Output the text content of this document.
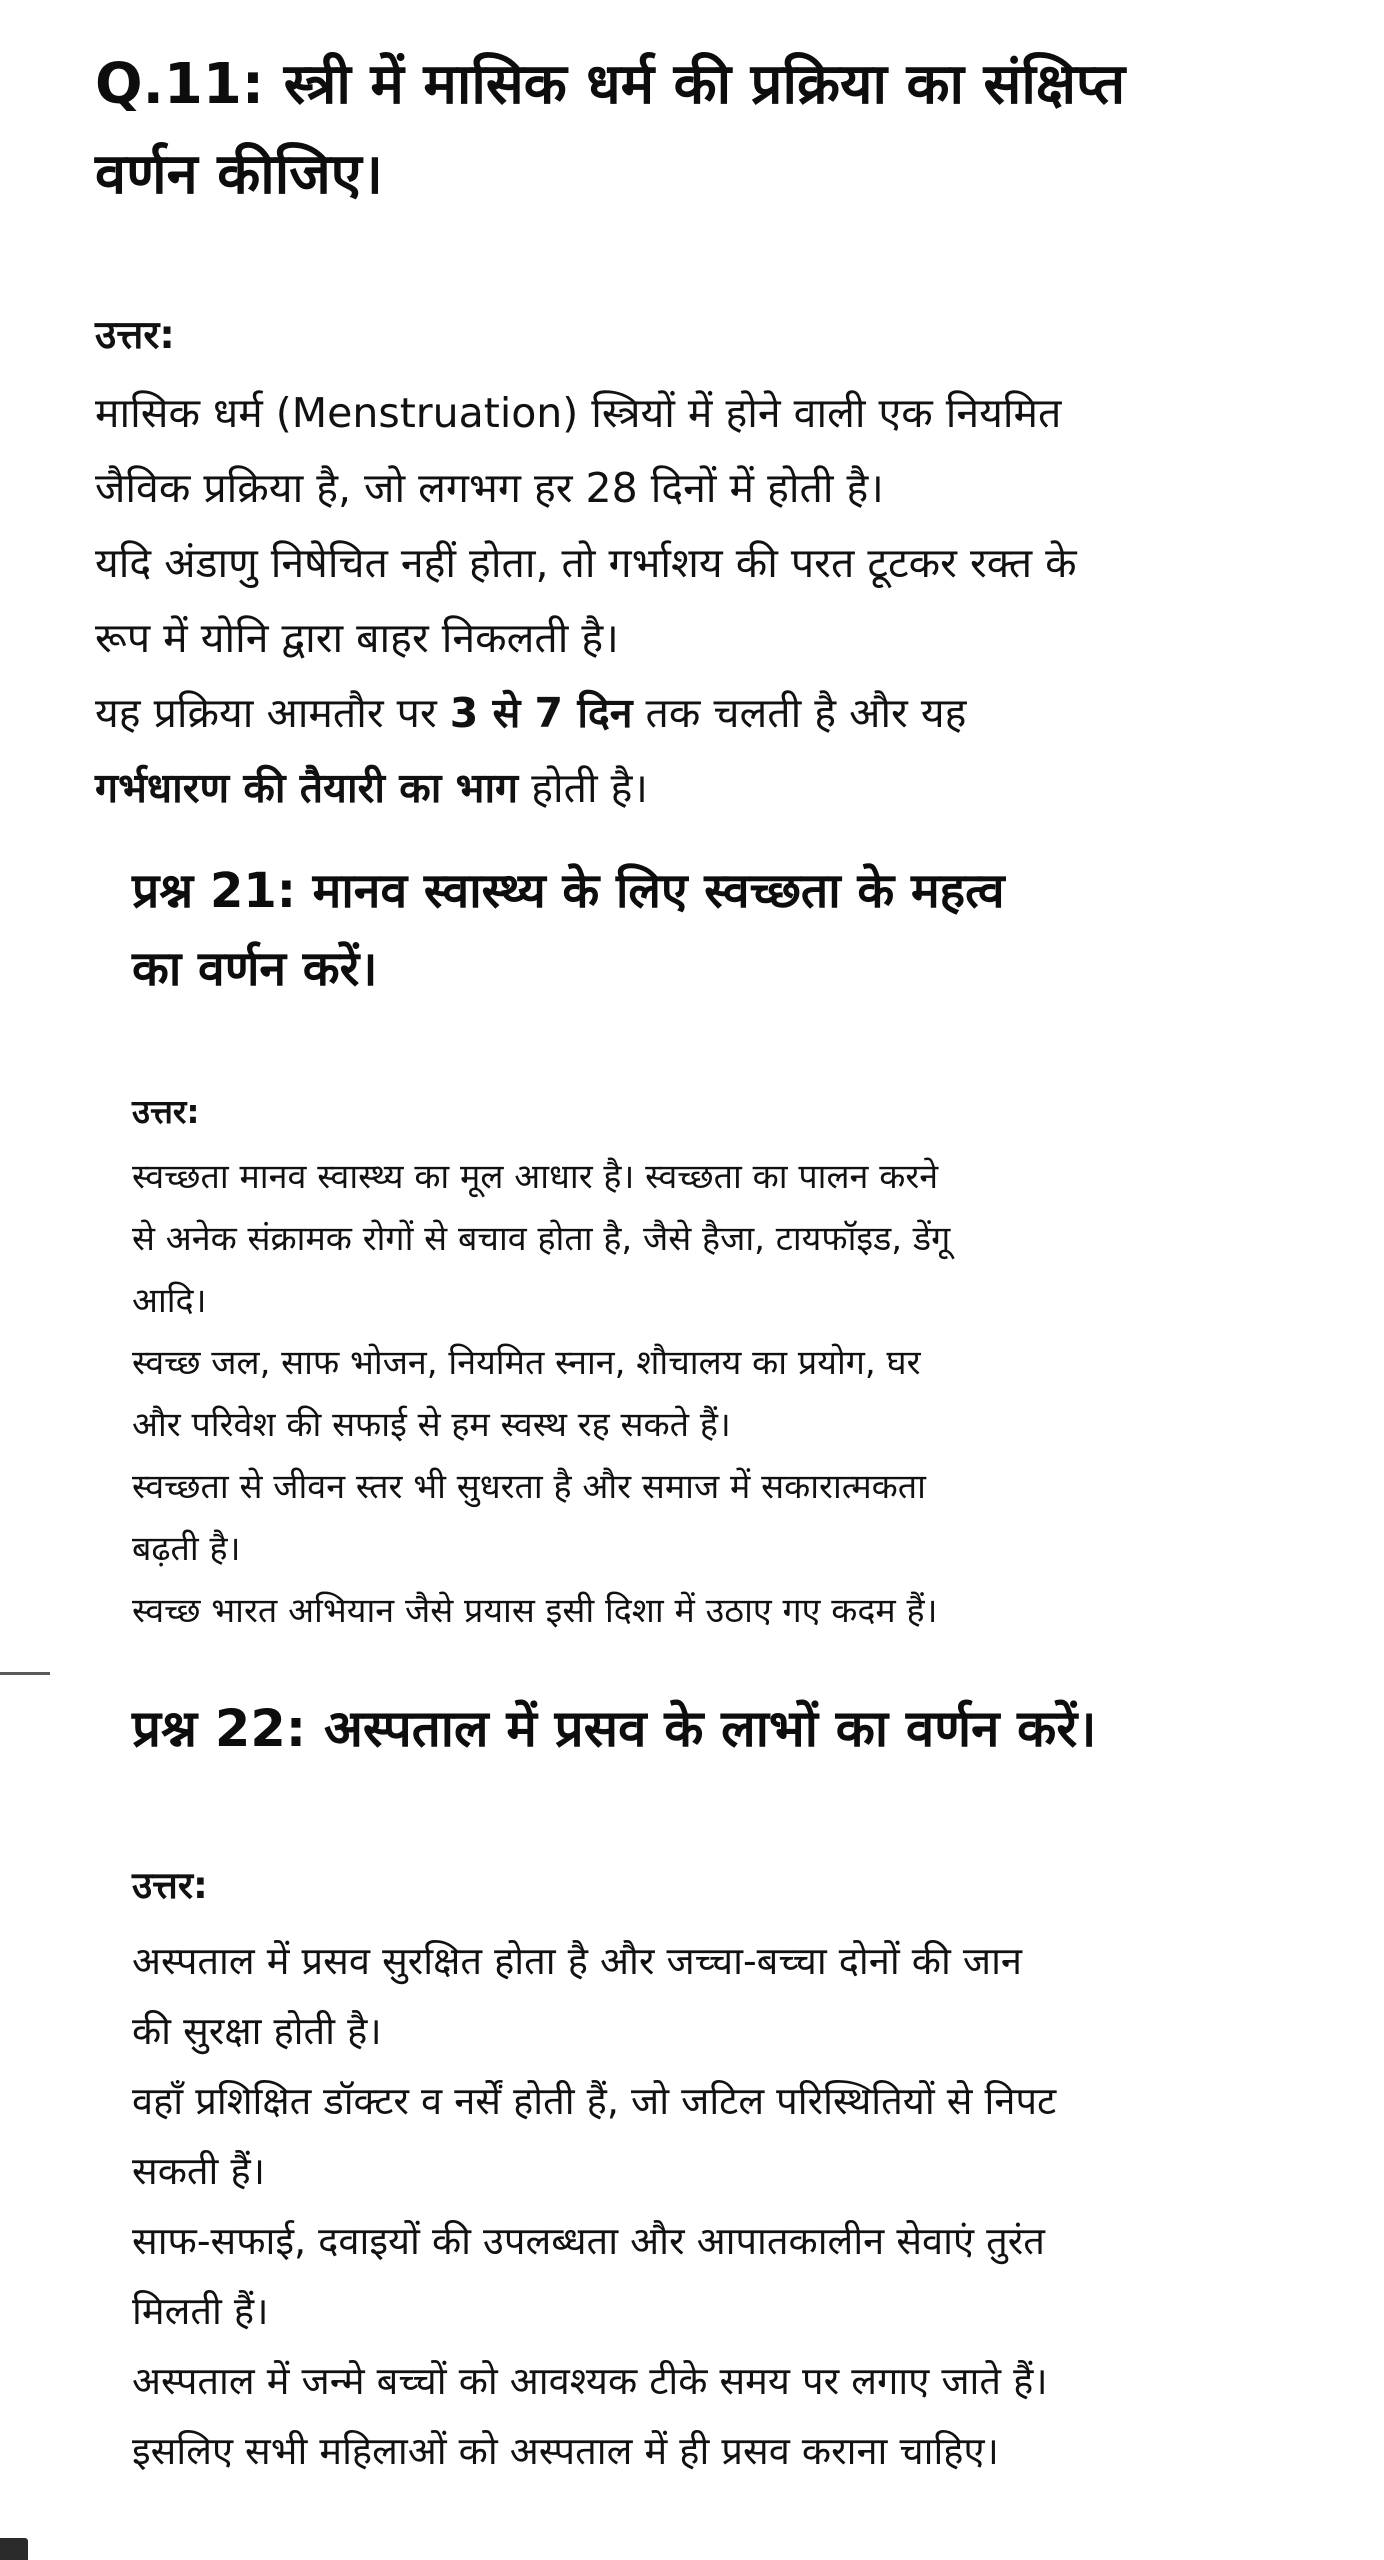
Q.11: स्त्री में मासिक धर्म की प्रक्रिया का संक्षिप्त
वर्णन कीजिए।
उत्तर:
मासिक धर्म (Menstruation) स्त्रियों में होने वाली एक नियमित
जैविक प्रक्रिया है, जो लगभग हर 28 दिनों में होती है।
यदि अंडाणु निषेचित नहीं होता, तो गर्भाशय की परत टूटकर रक्त के
रूप में योनि द्वारा बाहर निकलती है।
यह प्रक्रिया आमतौर पर 3 से 7 दिन तक चलती है और यह
गर्भधारण की तैयारी का भाग होती है।
प्रश्न 21: मानव स्वास्थ्य के लिए स्वच्छता के महत्व
का वर्णन करें।
उत्तर:
स्वच्छता मानव स्वास्थ्य का मूल आधार है। स्वच्छता का पालन करने
से अनेक संक्रामक रोगों से बचाव होता है, जैसे हैजा, टायफॉइड, डेंगू
आदि।
स्वच्छ जल, साफ भोजन, नियमित स्नान, शौचालय का प्रयोग, घर
और परिवेश की सफाई से हम स्वस्थ रह सकते हैं।
स्वच्छता से जीवन स्तर भी सुधरता है और समाज में सकारात्मकता
बढ़ती है।
स्वच्छ भारत अभियान जैसे प्रयास इसी दिशा में उठाए गए कदम हैं।
प्रश्न 22: अस्पताल में प्रसव के लाभों का वर्णन करें।
उत्तर:
अस्पताल में प्रसव सुरक्षित होता है और जच्चा-बच्चा दोनों की जान
की सुरक्षा होती है।
वहाँ प्रशिक्षित डॉक्टर व नर्सें होती हैं, जो जटिल परिस्थितियों से निपट
सकती हैं।
साफ-सफाई, दवाइयों की उपलब्धता और आपातकालीन सेवाएं तुरंत
मिलती हैं।
अस्पताल में जन्मे बच्चों को आवश्यक टीके समय पर लगाए जाते हैं।
इसलिए सभी महिलाओं को अस्पताल में ही प्रसव कराना चाहिए।
